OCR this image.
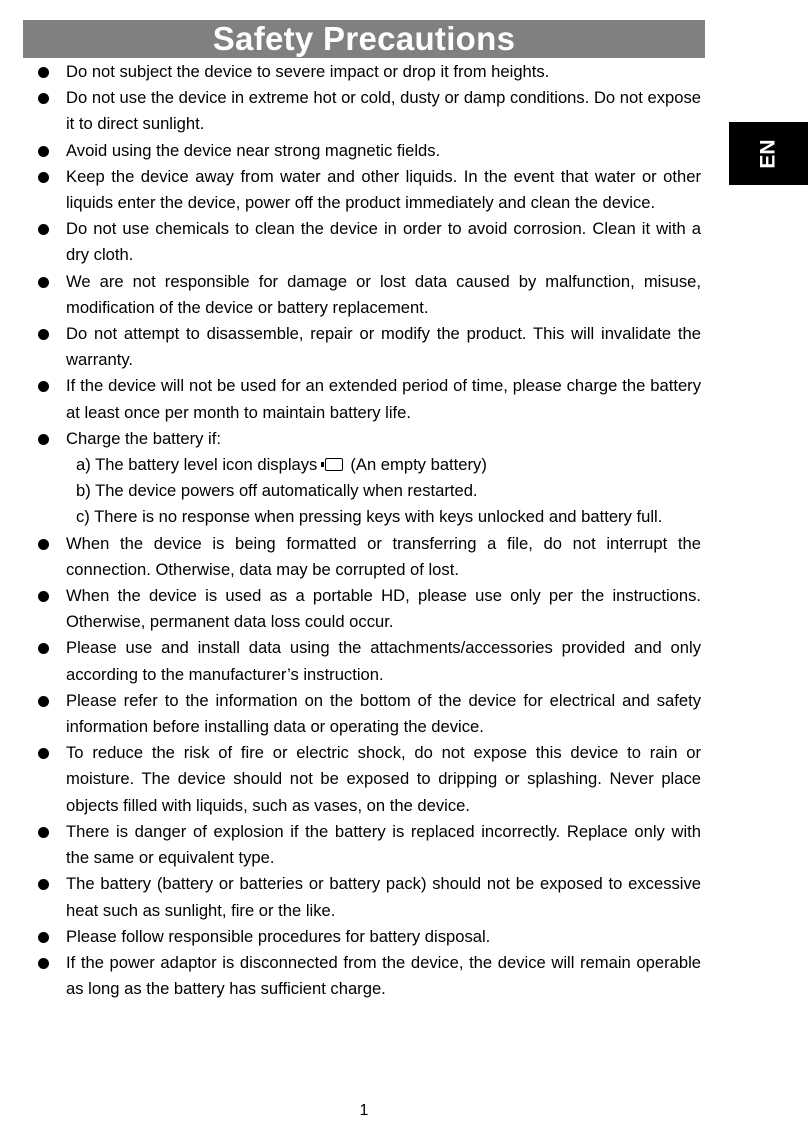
Safety Precautions
EN
Do not subject the device to severe impact or drop it from heights.
Do not use the device in extreme hot or cold, dusty or damp conditions. Do not expose it to direct sunlight.
Avoid using the device near strong magnetic fields.
Keep the device away from water and other liquids. In the event that water or other liquids enter the device, power off the product immediately and clean the device.
Do not use chemicals to clean the device in order to avoid corrosion. Clean it with a dry cloth.
We are not responsible for damage or lost data caused by malfunction, misuse, modification of the device or battery replacement.
Do not attempt to disassemble, repair or modify the product. This will invalidate the warranty.
If the device will not be used for an extended period of time, please charge the battery at least once per month to maintain battery life.
Charge the battery if:
a) The battery level icon displays (An empty battery)
b) The device powers off automatically when restarted.
c) There is no response when pressing keys with keys unlocked and battery full.
When the device is being formatted or transferring a file, do not interrupt the connection. Otherwise, data may be corrupted of lost.
When the device is used as a portable HD, please use only per the instructions. Otherwise, permanent data loss could occur.
Please use and install data using the attachments/accessories provided and only according to the manufacturer’s instruction.
Please refer to the information on the bottom of the device for electrical and safety information before installing data or operating the device.
To reduce the risk of fire or electric shock, do not expose this device to rain or moisture. The device should not be exposed to dripping or splashing. Never place objects filled with liquids, such as vases, on the device.
There is danger of explosion if the battery is replaced incorrectly. Replace only with the same or equivalent type.
The battery (battery or batteries or battery pack) should not be exposed to excessive heat such as sunlight, fire or the like.
Please follow responsible procedures for battery disposal.
If the power adaptor is disconnected from the device, the device will remain operable as long as the battery has sufficient charge.
1
